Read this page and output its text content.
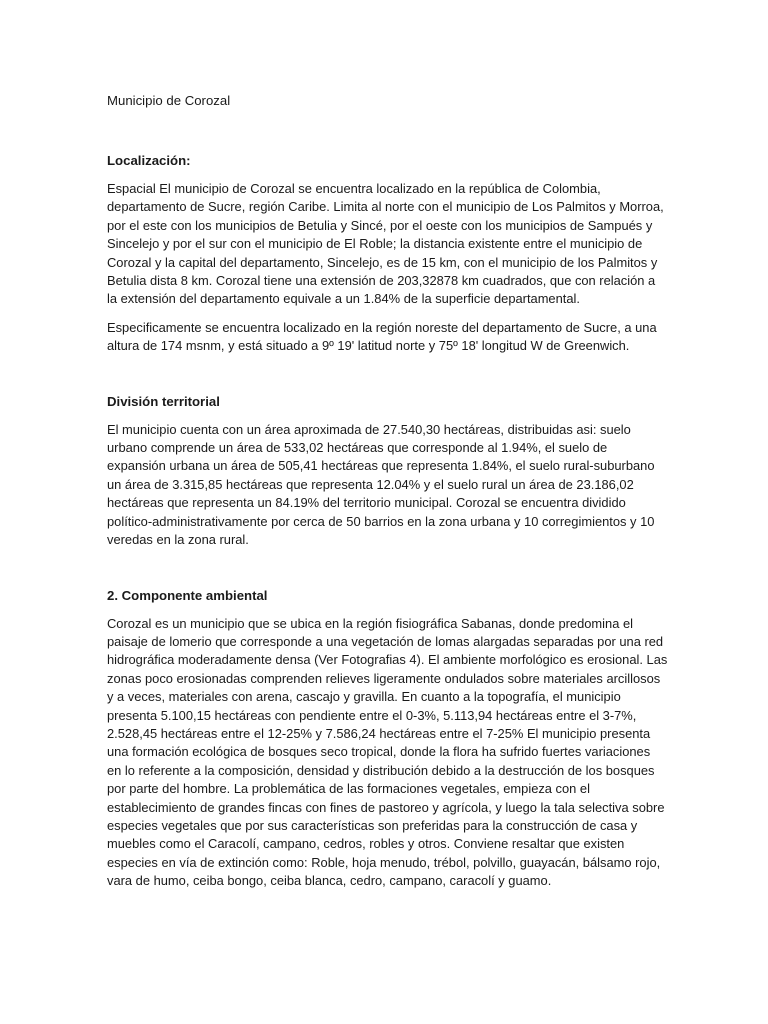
Municipio de Corozal

Localización:

Espacial El municipio de Corozal se encuentra localizado en la república de Colombia, departamento de Sucre, región Caribe. Limita al norte con el municipio de Los Palmitos y Morroa, por el este con los municipios de Betulia y Sincé, por el oeste con los municipios de Sampués y Sincelejo y por el sur con el municipio de El Roble; la distancia existente entre el municipio de Corozal y la capital del departamento, Sincelejo, es de 15 km, con el municipio de los Palmitos y Betulia dista 8 km. Corozal tiene una extensión de 203,32878 km cuadrados, que con relación a la extensión del departamento equivale a un 1.84% de la superficie departamental.

Especificamente se encuentra localizado en la región noreste del departamento de Sucre, a una altura de 174 msnm, y está situado a 9º 19' latitud norte y 75º 18' longitud W de Greenwich.

División territorial

El municipio cuenta con un área aproximada de 27.540,30 hectáreas, distribuidas asi: suelo urbano comprende un área de 533,02 hectáreas que corresponde al 1.94%, el suelo de expansión urbana un área de 505,41 hectáreas que representa 1.84%, el suelo rural-suburbano un área de 3.315,85 hectáreas que representa 12.04% y el suelo rural un área de 23.186,02 hectáreas que representa un 84.19% del territorio municipal. Corozal se encuentra dividido político-administrativamente por cerca de 50 barrios en la zona urbana y 10 corregimientos y 10 veredas en la zona rural.

2. Componente ambiental

Corozal es un municipio que se ubica en la región fisiográfica Sabanas, donde predomina el paisaje de lomerio que corresponde a una vegetación de lomas alargadas separadas por una red hidrográfica moderadamente densa (Ver Fotografias 4). El ambiente morfológico es erosional. Las zonas poco erosionadas comprenden relieves ligeramente ondulados sobre materiales arcillosos y a veces, materiales con arena, cascajo y gravilla. En cuanto a la topografía, el municipio presenta 5.100,15 hectáreas con pendiente entre el 0-3%, 5.113,94 hectáreas entre el 3-7%, 2.528,45 hectáreas entre el 12-25% y 7.586,24 hectáreas entre el 7-25% El municipio presenta una formación ecológica de bosques seco tropical, donde la flora ha sufrido fuertes variaciones en lo referente a la composición, densidad y distribución debido a la destrucción de los bosques por parte del hombre. La problemática de las formaciones vegetales, empieza con el establecimiento de grandes fincas con fines de pastoreo y agrícola, y luego la tala selectiva sobre especies vegetales que por sus características son preferidas para la construcción de casa y muebles como el Caracolí, campano, cedros, robles y otros. Conviene resaltar que existen especies en vía de extinción como: Roble, hoja menudo, trébol, polvillo, guayacán, bálsamo rojo, vara de humo, ceiba bongo, ceiba blanca, cedro, campano, caracolí y guamo.
